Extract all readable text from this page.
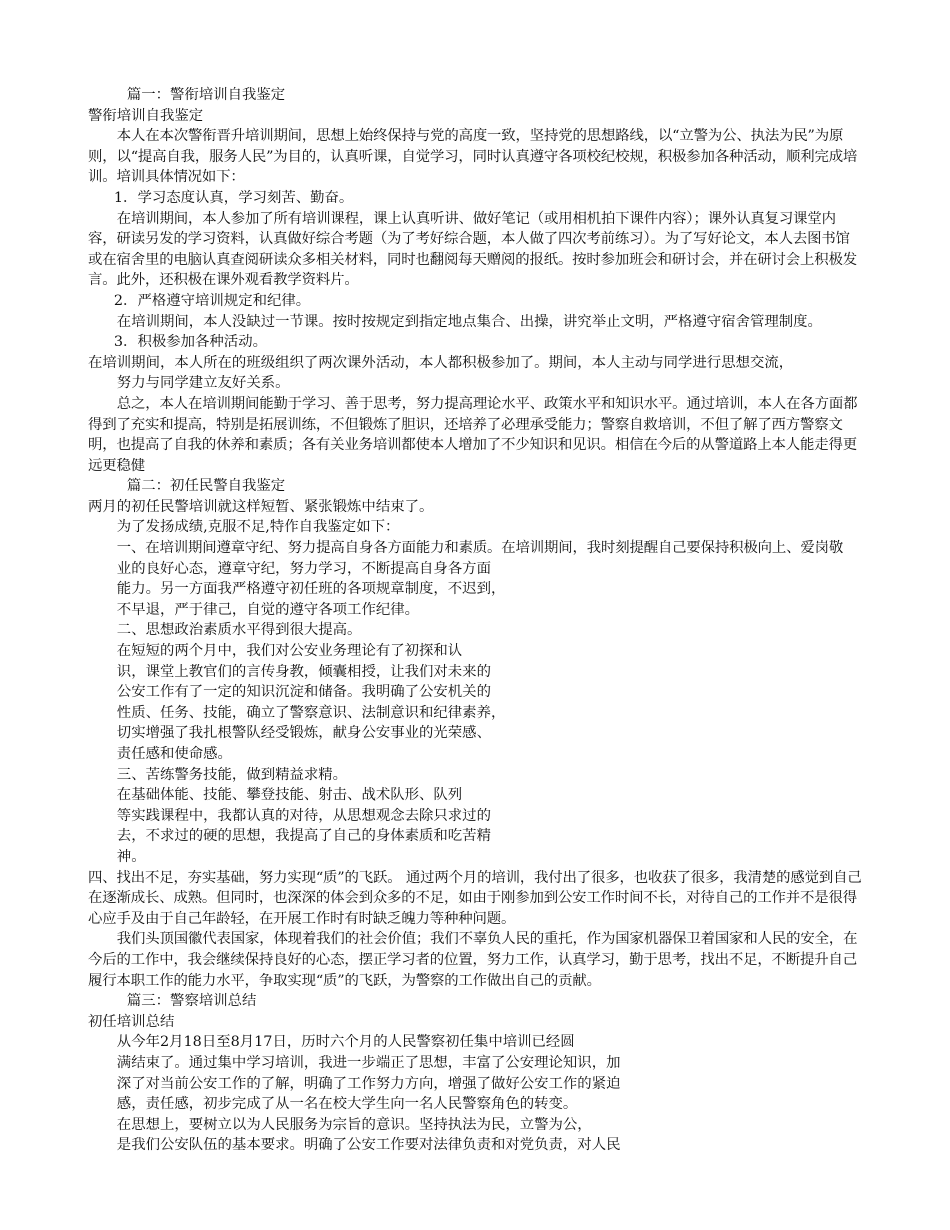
篇一：警衔培训自我鉴定

警衔培训自我鉴定

本人在本次警衔晋升培训期间，思想上始终保持与党的高度一致，坚持党的思想路线，以“立警为公、执法为民”为原则，以“提高自我，服务人民”为目的，认真听课，自觉学习，同时认真遵守各项校纪校规，积极参加各种活动，顺利完成培训。培训具体情况如下：

1．学习态度认真，学习刻苦、勤奋。

在培训期间，本人参加了所有培训课程，课上认真听讲、做好笔记（或用相机拍下课件内容）；课外认真复习课堂内容，研读另发的学习资料，认真做好综合考题（为了考好综合题，本人做了四次考前练习）。为了写好论文，本人去图书馆或在宿舍里的电脑认真查阅研读众多相关材料，同时也翻阅每天赠阅的报纸。按时参加班会和研讨会，并在研讨会上积极发言。此外，还积极在课外观看教学资料片。

2．严格遵守培训规定和纪律。

在培训期间，本人没缺过一节课。按时按规定到指定地点集合、出操，讲究举止文明，严格遵守宿舍管理制度。

3．积极参加各种活动。

在培训期间，本人所在的班级组织了两次课外活动，本人都积极参加了。期间，本人主动与同学进行思想交流，

努力与同学建立友好关系。

总之，本人在培训期间能勤于学习、善于思考，努力提高理论水平、政策水平和知识水平。通过培训，本人在各方面都得到了充实和提高，特别是拓展训练，不但锻炼了胆识，还培养了必理承受能力；警察自救培训，不但了解了西方警察文明，也提高了自我的休养和素质；各有关业务培训都使本人增加了不少知识和见识。相信在今后的从警道路上本人能走得更远更稳健

篇二：初任民警自我鉴定

两月的初任民警培训就这样短暂、紧张锻炼中结束了。

为了发扬成绩,克服不足,特作自我鉴定如下：

一、在培训期间遵章守纪、努力提高自身各方面能力和素质。在培训期间，我时刻提醒自己要保持积极向上、爱岗敬

业的良好心态，遵章守纪，努力学习，不断提高自身各方面

能力。另一方面我严格遵守初任班的各项规章制度，不迟到，

不早退，严于律己，自觉的遵守各项工作纪律。

二、思想政治素质水平得到很大提高。

在短短的两个月中，我们对公安业务理论有了初探和认

识，课堂上教官们的言传身教，倾囊相授，让我们对未来的

公安工作有了一定的知识沉淀和储备。我明确了公安机关的

性质、任务、技能，确立了警察意识、法制意识和纪律素养，

切实增强了我扎根警队经受锻炼，献身公安事业的光荣感、

责任感和使命感。

三、苦练警务技能，做到精益求精。

在基础体能、技能、攀登技能、射击、战术队形、队列

等实践课程中，我都认真的对待，从思想观念去除只求过的

去，不求过的硬的思想，我提高了自己的身体素质和吃苦精

神。

四、找出不足，夯实基础，努力实现“质”的飞跃。 通过两个月的培训，我付出了很多，也收获了很多，我清楚的感觉到自己在逐渐成长、成熟。但同时，也深深的体会到众多的不足，如由于刚参加到公安工作时间不长，对待自己的工作并不是很得心应手及由于自己年龄轻，在开展工作时有时缺乏魄力等种种问题。

我们头顶国徽代表国家，体现着我们的社会价值；我们不辜负人民的重托，作为国家机器保卫着国家和人民的安全，在今后的工作中，我会继续保持良好的心态，摆正学习者的位置，努力工作，认真学习，勤于思考，找出不足，不断提升自己履行本职工作的能力水平，争取实现“质”的飞跃，为警察的工作做出自己的贡献。

篇三：警察培训总结

初任培训总结

从今年2月18日至8月17日，历时六个月的人民警察初任集中培训已经圆

满结束了。通过集中学习培训，我进一步端正了思想，丰富了公安理论知识，加

深了对当前公安工作的了解，明确了工作努力方向，增强了做好公安工作的紧迫

感，责任感，初步完成了从一名在校大学生向一名人民警察角色的转变。

在思想上，要树立以为人民服务为宗旨的意识。坚持执法为民，立警为公，

是我们公安队伍的基本要求。明确了公安工作要对法律负责和对党负责，对人民
